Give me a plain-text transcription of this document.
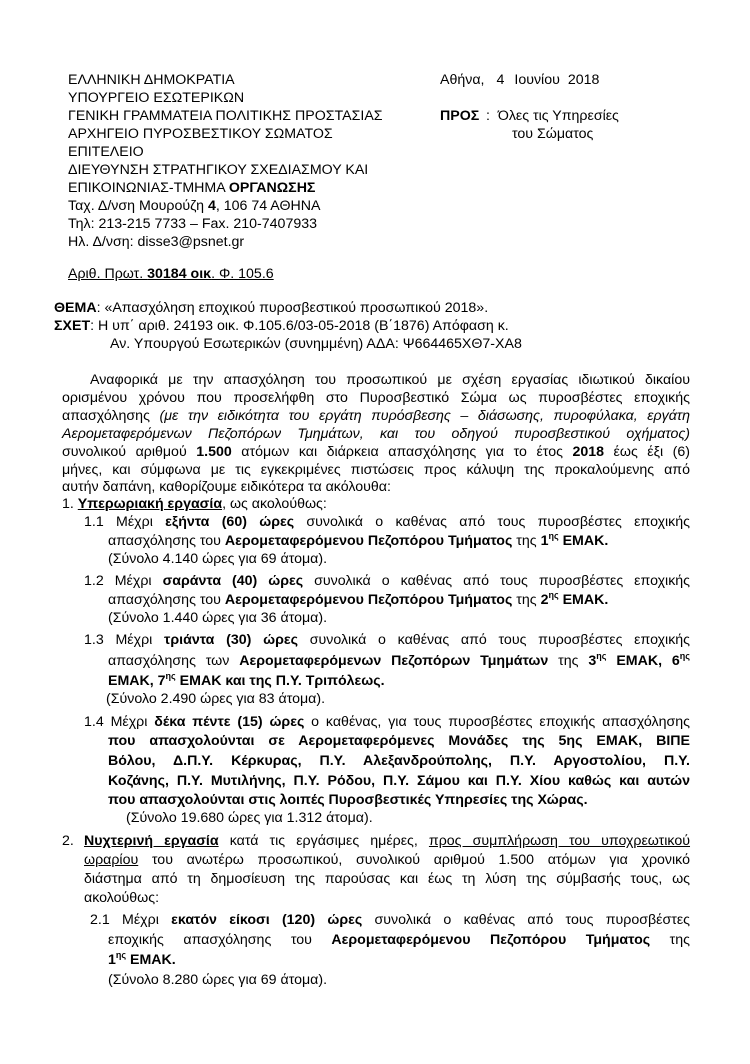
ΕΛΛΗΝΙΚΗ ΔΗΜΟΚΡΑΤΙΑ
ΥΠΟΥΡΓΕΙΟ ΕΣΩΤΕΡΙΚΩΝ
ΓΕΝΙΚΗ ΓΡΑΜΜΑΤΕΙΑ ΠΟΛΙΤΙΚΗΣ ΠΡΟΣΤΑΣΙΑΣ
ΑΡΧΗΓΕΙΟ ΠΥΡΟΣΒΕΣΤΙΚΟΥ ΣΩΜΑΤΟΣ
ΕΠΙΤΕΛΕΙΟ
ΔΙΕΥΘΥΝΣΗ ΣΤΡΑΤΗΓΙΚΟΥ ΣΧΕΔΙΑΣΜΟΥ ΚΑΙ
ΕΠΙΚΟΙΝΩΝΙΑΣ-ΤΜΗΜΑ ΟΡΓΑΝΩΣΗΣ
Ταχ. Δ/νση Μουρούζη 4, 106 74 ΑΘΗΝΑ
Τηλ: 213-215 7733 – Fax. 210-7407933
Ηλ. Δ/νση: disse3@psnet.gr
Αθήνα, 4 Ιουνίου 2018
ΠΡΟΣ :  Όλες τις Υπηρεσίες
του Σώματος
Αριθ. Πρωτ. 30184 οικ. Φ. 105.6
ΘΕΜΑ: «Απασχόληση εποχικού πυροσβεστικού προσωπικού 2018».
ΣΧΕΤ: Η υπ΄ αριθ. 24193 οικ. Φ.105.6/03-05-2018 (Β΄1876) Απόφαση κ.
Αν. Υπουργού Εσωτερικών (συνημμένη) ΑΔΑ: Ψ664465ΧΘ7-ΧΑ8
Αναφορικά με την απασχόληση του προσωπικού με σχέση εργασίας ιδιωτικού δικαίου
ορισμένου χρόνου που προσελήφθη στο Πυροσβεστικό Σώμα ως πυροσβέστες εποχικής
απασχόλησης (με την ειδικότητα του εργάτη πυρόσβεσης – διάσωσης, πυροφύλακα, εργάτη
Αερομεταφερόμενων Πεζοπόρων Τμημάτων, και του οδηγού πυροσβεστικού οχήματος)
συνολικού αριθμού 1.500 ατόμων και διάρκεια απασχόλησης για το έτος 2018 έως έξι (6)
μήνες, και σύμφωνα με τις εγκεκριμένες πιστώσεις προς κάλυψη της προκαλούμενης από
αυτήν δαπάνη, καθορίζουμε ειδικότερα τα ακόλουθα:
1. Υπερωριακή εργασία, ως ακολούθως:
1.1 Μέχρι εξήντα (60) ώρες συνολικά ο καθένας από τους πυροσβέστες εποχικής
απασχόλησης του Αερομεταφερόμενου Πεζοπόρου Τμήματος της $1^{\eta\varsigma}$ ΕΜΑΚ.
(Σύνολο 4.140 ώρες για 69 άτομα).
1.2 Μέχρι σαράντα (40) ώρες συνολικά ο καθένας από τους πυροσβέστες εποχικής
απασχόλησης του Αερομεταφερόμενου Πεζοπόρου Τμήματος της $2^{\eta\varsigma}$ ΕΜΑΚ.
(Σύνολο 1.440 ώρες για 36 άτομα).
1.3 Μέχρι τριάντα (30) ώρες συνολικά ο καθένας από τους πυροσβέστες εποχικής
απασχόλησης των Αερομεταφερόμενων Πεζοπόρων Τμημάτων της $3^{\eta\varsigma}$ ΕΜΑΚ, $6^{\eta\varsigma}$
ΕΜΑΚ, $7^{\eta\varsigma}$ ΕΜΑΚ και της Π.Υ. Τριπόλεως.
(Σύνολο 2.490 ώρες για 83 άτομα).
1.4 Μέχρι δέκα πέντε (15) ώρες ο καθένας, για τους πυροσβέστες εποχικής απασχόλησης
που απασχολούνται σε Αερομεταφερόμενες Μονάδες της 5ης ΕΜΑΚ, ΒΙΠΕ
Βόλου, Δ.Π.Υ. Κέρκυρας, Π.Υ. Αλεξανδρούπολης, Π.Υ. Αργοστολίου, Π.Υ.
Κοζάνης, Π.Υ. Μυτιλήνης, Π.Υ. Ρόδου, Π.Υ. Σάμου και Π.Υ. Χίου καθώς και αυτών
που απασχολούνται στις λοιπές Πυροσβεστικές Υπηρεσίες της Χώρας.
(Σύνολο 19.680 ώρες για 1.312 άτομα).
2. Νυχτερινή εργασία κατά τις εργάσιμες ημέρες, προς συμπλήρωση του υποχρεωτικού
ωραρίου του ανωτέρω προσωπικού, συνολικού αριθμού 1.500 ατόμων για χρονικό
διάστημα από τη δημοσίευση της παρούσας και έως τη λύση της σύμβασής τους, ως
ακολούθως:
2.1 Μέχρι εκατόν είκοσι (120) ώρες συνολικά ο καθένας από τους πυροσβέστες
εποχικής απασχόλησης του Αερομεταφερόμενου Πεζοπόρου Τμήματος της
$1^{\eta\varsigma}$ ΕΜΑΚ.
(Σύνολο 8.280 ώρες για 69 άτομα).
